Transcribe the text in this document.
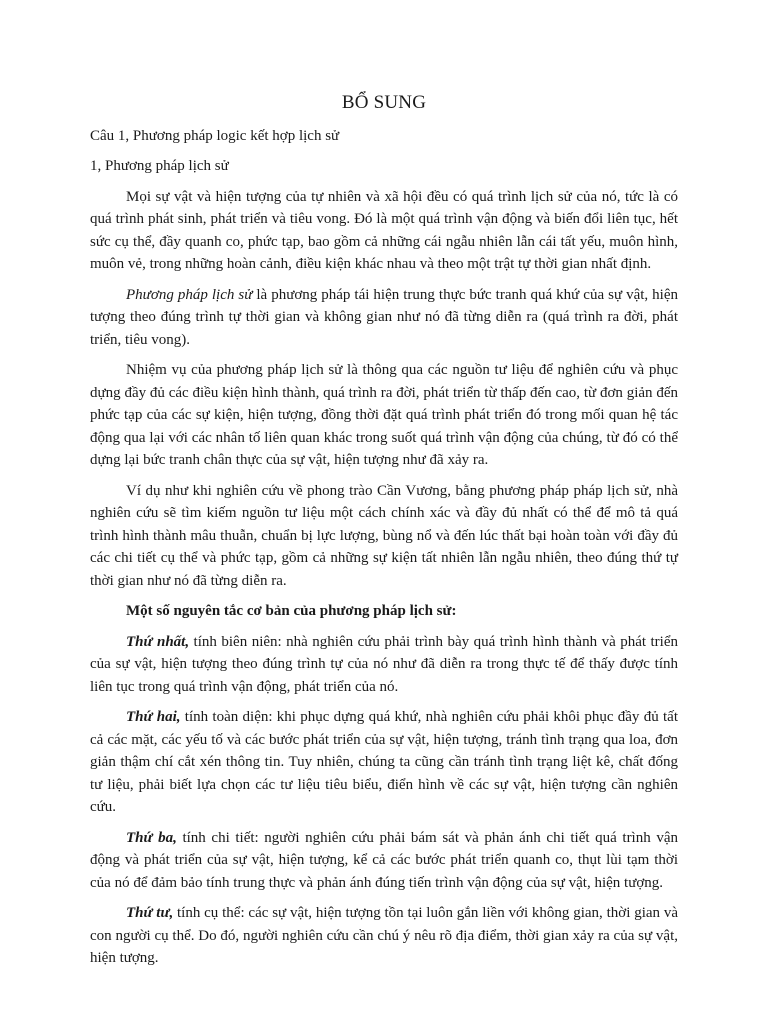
BỔ SUNG

Câu 1, Phương pháp logic kết hợp lịch sử

1, Phương pháp lịch sử

Mọi sự vật và hiện tượng của tự nhiên và xã hội đều có quá trình lịch sử của nó, tức là có quá trình phát sinh, phát triển và tiêu vong. Đó là một quá trình vận động và biến đổi liên tục, hết sức cụ thể, đầy quanh co, phức tạp, bao gồm cả những cái ngẫu nhiên lẫn cái tất yếu, muôn hình, muôn vẻ, trong những hoàn cảnh, điều kiện khác nhau và theo một trật tự thời gian nhất định.

Phương pháp lịch sử là phương pháp tái hiện trung thực bức tranh quá khứ của sự vật, hiện tượng theo đúng trình tự thời gian và không gian như nó đã từng diễn ra (quá trình ra đời, phát triển, tiêu vong).

Nhiệm vụ của phương pháp lịch sử là thông qua các nguồn tư liệu để nghiên cứu và phục dựng đầy đủ các điều kiện hình thành, quá trình ra đời, phát triển từ thấp đến cao, từ đơn giản đến phức tạp của các sự kiện, hiện tượng, đồng thời đặt quá trình phát triển đó trong mối quan hệ tác động qua lại với các nhân tố liên quan khác trong suốt quá trình vận động của chúng, từ đó có thể dựng lại bức tranh chân thực của sự vật, hiện tượng như đã xảy ra.

Ví dụ như khi nghiên cứu về phong trào Cần Vương, bằng phương pháp pháp lịch sử, nhà nghiên cứu sẽ tìm kiếm nguồn tư liệu một cách chính xác và đầy đủ nhất có thể để mô tả quá trình hình thành mâu thuẫn, chuẩn bị lực lượng, bùng nổ và đến lúc thất bại hoàn toàn với đầy đủ các chi tiết cụ thể và phức tạp, gồm cả những sự kiện tất nhiên lẫn ngẫu nhiên, theo đúng thứ tự thời gian như nó đã từng diễn ra.

Một số nguyên tắc cơ bản của phương pháp lịch sử:

Thứ nhất, tính biên niên: nhà nghiên cứu phải trình bày quá trình hình thành và phát triển của sự vật, hiện tượng theo đúng trình tự của nó như đã diễn ra trong thực tế để thấy được tính liên tục trong quá trình vận động, phát triển của nó.

Thứ hai, tính toàn diện: khi phục dựng quá khứ, nhà nghiên cứu phải khôi phục đầy đủ tất cả các mặt, các yếu tố và các bước phát triển của sự vật, hiện tượng, tránh tình trạng qua loa, đơn giản thậm chí cắt xén thông tin. Tuy nhiên, chúng ta cũng cần tránh tình trạng liệt kê, chất đống tư liệu, phải biết lựa chọn các tư liệu tiêu biểu, điển hình về các sự vật, hiện tượng cần nghiên cứu.

Thứ ba, tính chi tiết: người nghiên cứu phải bám sát và phản ánh chi tiết quá trình vận động và phát triển của sự vật, hiện tượng, kể cả các bước phát triển quanh co, thụt lùi tạm thời của nó để đảm bảo tính trung thực và phản ánh đúng tiến trình vận động của sự vật, hiện tượng.

Thứ tư, tính cụ thể: các sự vật, hiện tượng tồn tại luôn gắn liền với không gian, thời gian và con người cụ thể. Do đó, người nghiên cứu cần chú ý nêu rõ địa điểm, thời gian xảy ra của sự vật, hiện tượng.
